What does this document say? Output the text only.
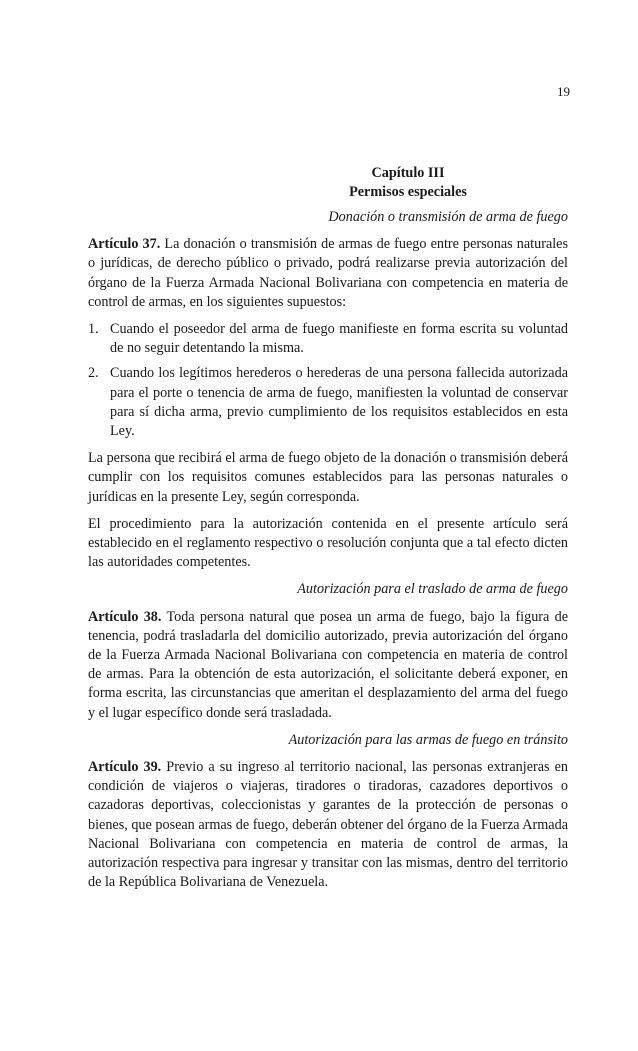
19
Capítulo III
Permisos especiales

Donación o transmisión de arma de fuego

Artículo 37. La donación o transmisión de armas de fuego entre personas naturales o jurídicas, de derecho público o privado, podrá realizarse previa autorización del órgano de la Fuerza Armada Nacional Bolivariana con competencia en materia de control de armas, en los siguientes supuestos:

1. Cuando el poseedor del arma de fuego manifieste en forma escrita su voluntad de no seguir detentando la misma.
2. Cuando los legítimos herederos o herederas de una persona fallecida autorizada para el porte o tenencia de arma de fuego, manifiesten la voluntad de conservar para sí dicha arma, previo cumplimiento de los requisitos establecidos en esta Ley.

La persona que recibirá el arma de fuego objeto de la donación o transmisión deberá cumplir con los requisitos comunes establecidos para las personas naturales o jurídicas en la presente Ley, según corresponda.

El procedimiento para la autorización contenida en el presente artículo será establecido en el reglamento respectivo o resolución conjunta que a tal efecto dicten las autoridades competentes.

Autorización para el traslado de arma de fuego

Artículo 38. Toda persona natural que posea un arma de fuego, bajo la figura de tenencia, podrá trasladarla del domicilio autorizado, previa autorización del órgano de la Fuerza Armada Nacional Bolivariana con competencia en materia de control de armas. Para la obtención de esta autorización, el solicitante deberá exponer, en forma escrita, las circunstancias que ameritan el desplazamiento del arma del fuego y el lugar específico donde será trasladada.

Autorización para las armas de fuego en tránsito

Artículo 39. Previo a su ingreso al territorio nacional, las personas extranjeras en condición de viajeros o viajeras, tiradores o tiradoras, cazadores deportivos o cazadoras deportivas, coleccionistas y garantes de la protección de personas o bienes, que posean armas de fuego, deberán obtener del órgano de la Fuerza Armada Nacional Bolivariana con competencia en materia de control de armas, la autorización respectiva para ingresar y transitar con las mismas, dentro del territorio de la República Bolivariana de Venezuela.
